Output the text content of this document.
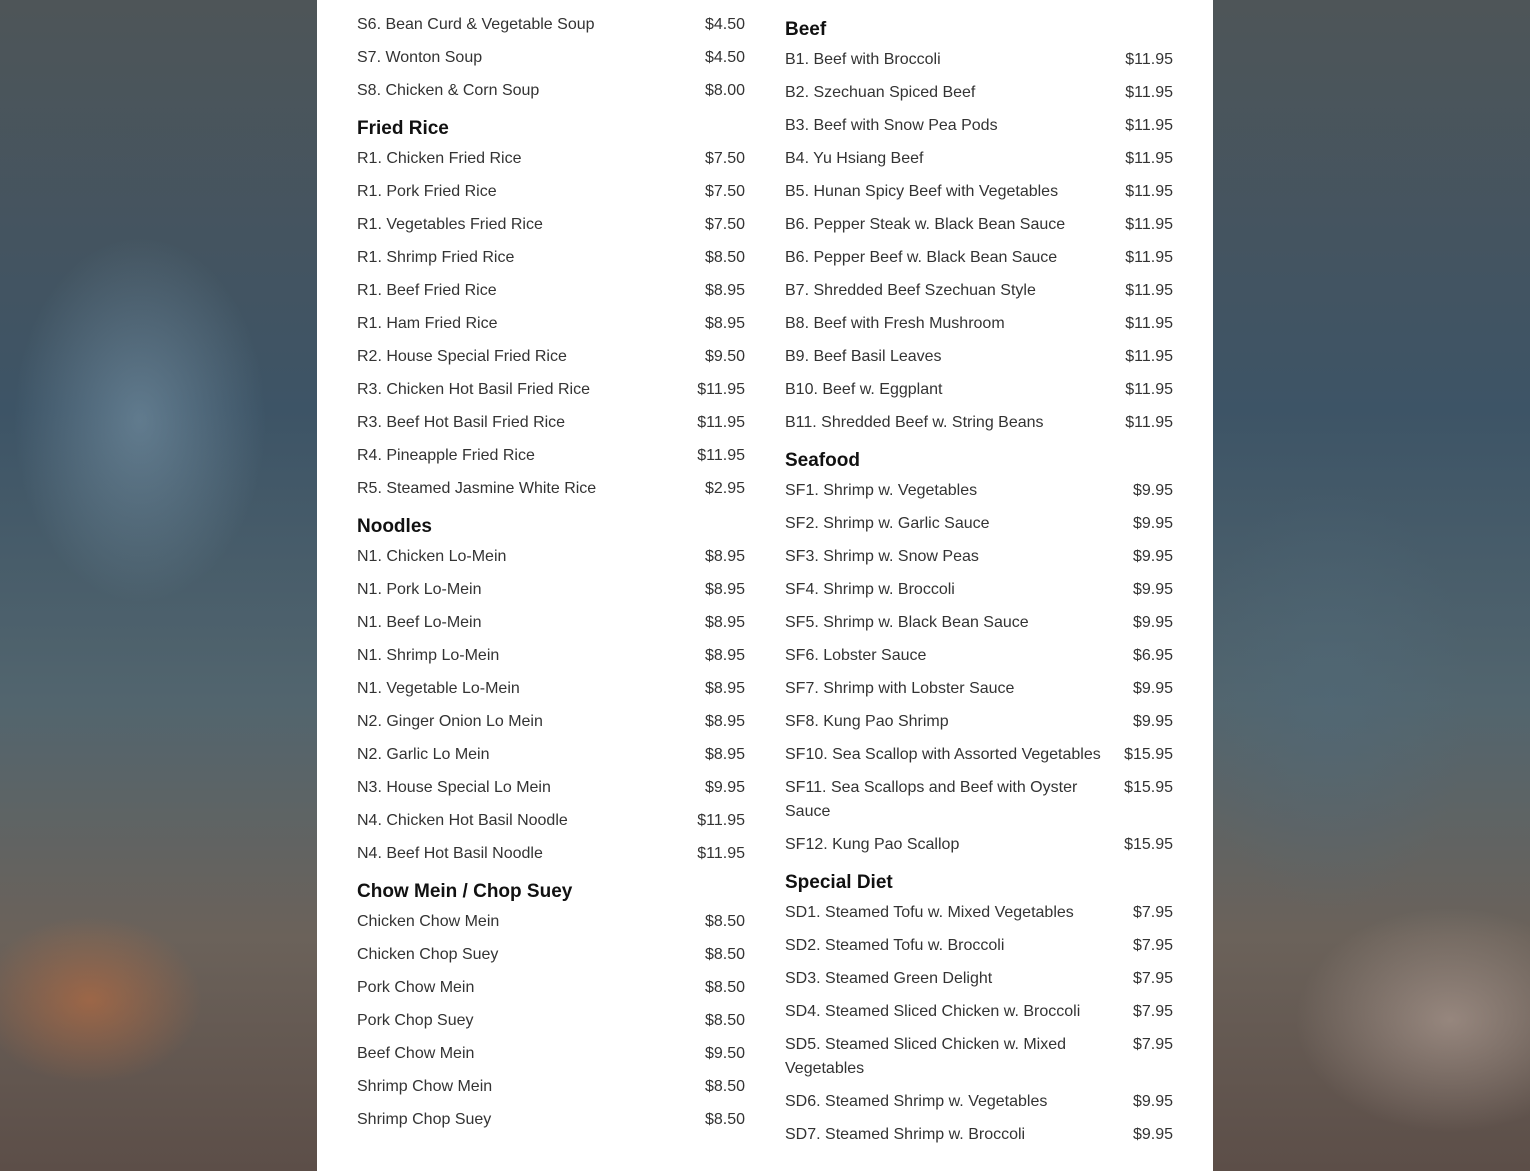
S6. Bean Curd & Vegetable Soup	$4.50
S7. Wonton Soup	$4.50
S8. Chicken & Corn Soup	$8.00
Fried Rice
R1. Chicken Fried Rice	$7.50
R1. Pork Fried Rice	$7.50
R1. Vegetables Fried Rice	$7.50
R1. Shrimp Fried Rice	$8.50
R1. Beef Fried Rice	$8.95
R1. Ham Fried Rice	$8.95
R2. House Special Fried Rice	$9.50
R3. Chicken Hot Basil Fried Rice	$11.95
R3. Beef Hot Basil Fried Rice	$11.95
R4. Pineapple Fried Rice	$11.95
R5. Steamed Jasmine White Rice	$2.95
Noodles
N1. Chicken Lo-Mein	$8.95
N1. Pork Lo-Mein	$8.95
N1. Beef Lo-Mein	$8.95
N1. Shrimp Lo-Mein	$8.95
N1. Vegetable Lo-Mein	$8.95
N2. Ginger Onion Lo Mein	$8.95
N2. Garlic Lo Mein	$8.95
N3. House Special Lo Mein	$9.95
N4. Chicken Hot Basil Noodle	$11.95
N4. Beef Hot Basil Noodle	$11.95
Chow Mein / Chop Suey
Chicken Chow Mein	$8.50
Chicken Chop Suey	$8.50
Pork Chow Mein	$8.50
Pork Chop Suey	$8.50
Beef Chow Mein	$9.50
Shrimp Chow Mein	$8.50
Shrimp Chop Suey	$8.50
Beef
B1. Beef with Broccoli	$11.95
B2. Szechuan Spiced Beef	$11.95
B3. Beef with Snow Pea Pods	$11.95
B4. Yu Hsiang Beef	$11.95
B5. Hunan Spicy Beef with Vegetables	$11.95
B6. Pepper Steak w. Black Bean Sauce	$11.95
B6. Pepper Beef w. Black Bean Sauce	$11.95
B7. Shredded Beef Szechuan Style	$11.95
B8. Beef with Fresh Mushroom	$11.95
B9. Beef Basil Leaves	$11.95
B10. Beef w. Eggplant	$11.95
B11. Shredded Beef w. String Beans	$11.95
Seafood
SF1. Shrimp w. Vegetables	$9.95
SF2. Shrimp w. Garlic Sauce	$9.95
SF3. Shrimp w. Snow Peas	$9.95
SF4. Shrimp w. Broccoli	$9.95
SF5. Shrimp w. Black Bean Sauce	$9.95
SF6. Lobster Sauce	$6.95
SF7. Shrimp with Lobster Sauce	$9.95
SF8. Kung Pao Shrimp	$9.95
SF10. Sea Scallop with Assorted Vegetables	$15.95
SF11. Sea Scallops and Beef with Oyster Sauce
$15.95
SF12. Kung Pao Scallop	$15.95
Special Diet
SD1. Steamed Tofu w. Mixed Vegetables	$7.95
SD2. Steamed Tofu w. Broccoli	$7.95
SD3. Steamed Green Delight	$7.95
SD4. Steamed Sliced Chicken w. Broccoli	$7.95
SD5. Steamed Sliced Chicken w. Mixed Vegetables
$7.95
SD6. Steamed Shrimp w. Vegetables	$9.95
SD7. Steamed Shrimp w. Broccoli	$9.95
